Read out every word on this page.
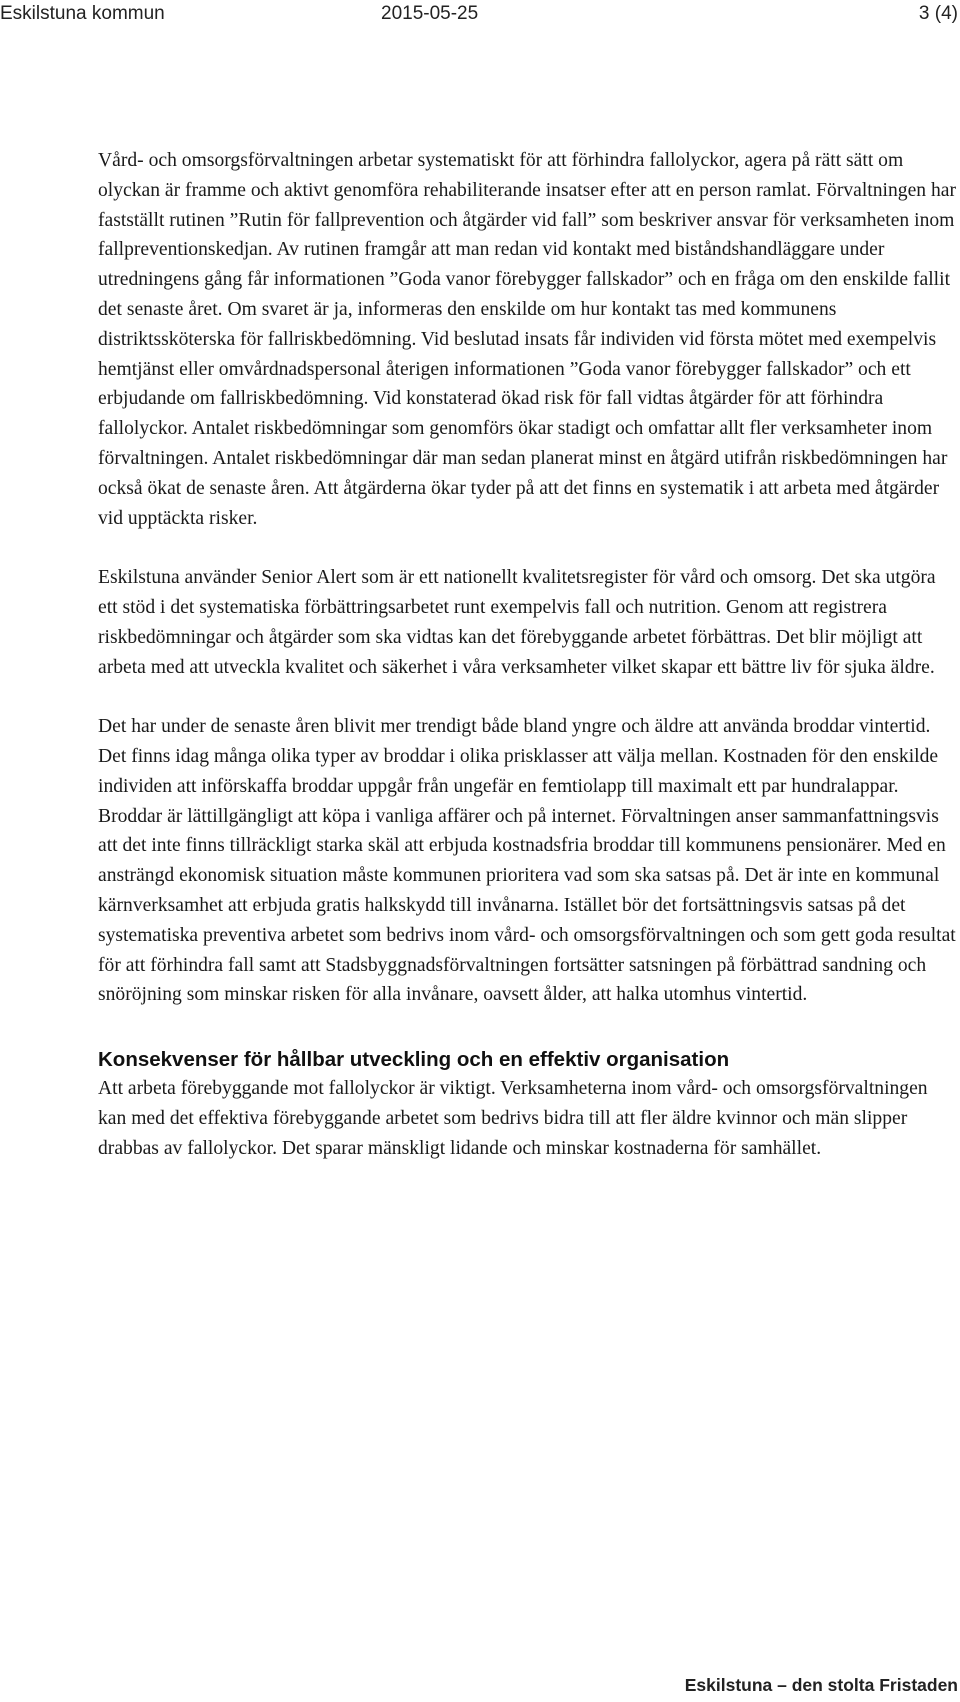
Eskilstuna kommun	2015-05-25	3 (4)

Vård- och omsorgsförvaltningen arbetar systematiskt för att förhindra fallolyckor, agera på rätt sätt om olyckan är framme och aktivt genomföra rehabiliterande insatser efter att en person ramlat. Förvaltningen har fastställt rutinen ”Rutin för fallprevention och åtgärder vid fall” som beskriver ansvar för verksamheten inom fallpreventionskedjan. Av rutinen framgår att man redan vid kontakt med biståndshandläggare under utredningens gång får informationen ”Goda vanor förebygger fallskador” och en fråga om den enskilde fallit det senaste året. Om svaret är ja, informeras den enskilde om hur kontakt tas med kommunens distriktssköterska för fallriskbedömning. Vid beslutad insats får individen vid första mötet med exempelvis hemtjänst eller omvårdnadspersonal återigen informationen ”Goda vanor förebygger fallskador” och ett erbjudande om fallriskbedömning. Vid konstaterad ökad risk för fall vidtas åtgärder för att förhindra fallolyckor. Antalet riskbedömningar som genomförs ökar stadigt och omfattar allt fler verksamheter inom förvaltningen. Antalet riskbedömningar där man sedan planerat minst en åtgärd utifrån riskbedömningen har också ökat de senaste åren. Att åtgärderna ökar tyder på att det finns en systematik i att arbeta med åtgärder vid upptäckta risker.

Eskilstuna använder Senior Alert som är ett nationellt kvalitetsregister för vård och omsorg. Det ska utgöra ett stöd i det systematiska förbättringsarbetet runt exempelvis fall och nutrition. Genom att registrera riskbedömningar och åtgärder som ska vidtas kan det förebyggande arbetet förbättras. Det blir möjligt att arbeta med att utveckla kvalitet och säkerhet i våra verksamheter vilket skapar ett bättre liv för sjuka äldre.

Det har under de senaste åren blivit mer trendigt både bland yngre och äldre att använda broddar vintertid. Det finns idag många olika typer av broddar i olika prisklasser att välja mellan. Kostnaden för den enskilde individen att införskaffa broddar uppgår från ungefär en femtiolapp till maximalt ett par hundralappar. Broddar är lättillgängligt att köpa i vanliga affärer och på internet. Förvaltningen anser sammanfattningsvis att det inte finns tillräckligt starka skäl att erbjuda kostnadsfria broddar till kommunens pensionärer. Med en ansträngd ekonomisk situation måste kommunen prioritera vad som ska satsas på. Det är inte en kommunal kärnverksamhet att erbjuda gratis halkskydd till invånarna. Istället bör det fortsättningsvis satsas på det systematiska preventiva arbetet som bedrivs inom vård- och omsorgsförvaltningen och som gett goda resultat för att förhindra fall samt att Stadsbyggnadsförvaltningen fortsätter satsningen på förbättrad sandning och snöröjning som minskar risken för alla invånare, oavsett ålder, att halka utomhus vintertid.

Konsekvenser för hållbar utveckling och en effektiv organisation

Att arbeta förebyggande mot fallolyckor är viktigt. Verksamheterna inom vård- och omsorgsförvaltningen kan med det effektiva förebyggande arbetet som bedrivs bidra till att fler äldre kvinnor och män slipper drabbas av fallolyckor. Det sparar mänskligt lidande och minskar kostnaderna för samhället.

Eskilstuna – den stolta Fristaden
